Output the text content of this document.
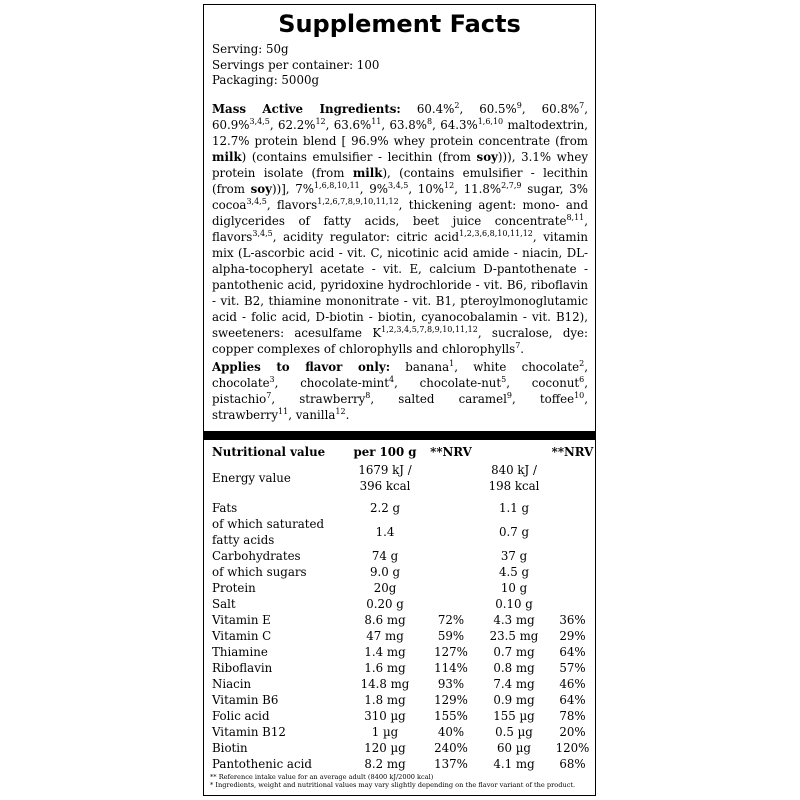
Supplement Facts
Serving: 50g
Servings per container: 100
Packaging: 5000g
Mass Active Ingredients: 60.4%$^2$, 60.5%$^9$, 60.8%$^7$, 60.9%$^{3,4,5}$, 62.2%$^{12}$, 63.6%$^{11}$, 63.8%$^8$, 64.3%$^{1,6,10}$ maltodextrin, 12.7% protein blend [ 96.9% whey protein concentrate (from milk) (contains emulsifier - lecithin (from soy))), 3.1% whey protein isolate (from milk), (contains emulsifier - lecithin (from soy))], 7%$^{1,6,8,10,11}$, 9%$^{3,4,5}$, 10%$^{12}$, 11.8%$^{2,7,9}$ sugar, 3% cocoa$^{3,4,5}$, flavors$^{1,2,6,7,8,9,10,11,12}$, thickening agent: mono- and diglycerides of fatty acids, beet juice concentrate$^{8,11}$, flavors$^{3,4,5}$, acidity regulator: citric acid$^{1,2,3,6,8,10,11,12}$, vitamin mix (L-ascorbic acid - vit. C, nicotinic acid amide - niacin, DL-alpha-tocopheryl acetate - vit. E, calcium D-pantothenate - pantothenic acid, pyridoxine hydrochloride - vit. B6, riboflavin - vit. B2, thiamine mononitrate - vit. B1, pteroylmonoglutamic acid - folic acid, D-biotin - biotin, cyanocobalamin - vit. B12), sweeteners: acesulfame K$^{1,2,3,4,5,7,8,9,10,11,12}$, sucralose, dye: copper complexes of chlorophylls and chlorophylls$^7$.
Applies to flavor only: banana$^1$, white chocolate$^2$, chocolate$^3$, chocolate-mint$^4$, chocolate-nut$^5$, coconut$^6$, pistachio$^7$, strawberry$^8$, salted caramel$^9$, toffee$^{10}$, strawberry$^{11}$, vanilla$^{12}$.
Nutritional value	per 100 g	**NRV		**NRV
Energy value	1679 kJ / 396 kcal		840 kJ / 198 kcal	

Fats	2.2 g		1.1 g	
of which saturated fatty acids	1.4		0.7 g	
Carbohydrates	74 g		37 g	
of which sugars	9.0 g		4.5 g	
Protein	20g		10 g	
Salt	0.20 g		0.10 g	
Vitamin E	8.6 mg	72%	4.3 mg	36%
Vitamin C	47 mg	59%	23.5 mg	29%
Thiamine	1.4 mg	127%	0.7 mg	64%
Riboflavin	1.6 mg	114%	0.8 mg	57%
Niacin	14.8 mg	93%	7.4 mg	46%
Vitamin B6	1.8 mg	129%	0.9 mg	64%
Folic acid	310 µg	155%	155 µg	78%
Vitamin B12	1 µg	40%	0.5 µg	20%
Biotin	120 µg	240%	60 µg	120%
Pantothenic acid	8.2 mg	137%	4.1 mg	68%
** Reference intake value for an average adult (8400 kJ/2000 kcal)
* Ingredients, weight and nutritional values may vary slightly depending on the flavor variant of the product.
